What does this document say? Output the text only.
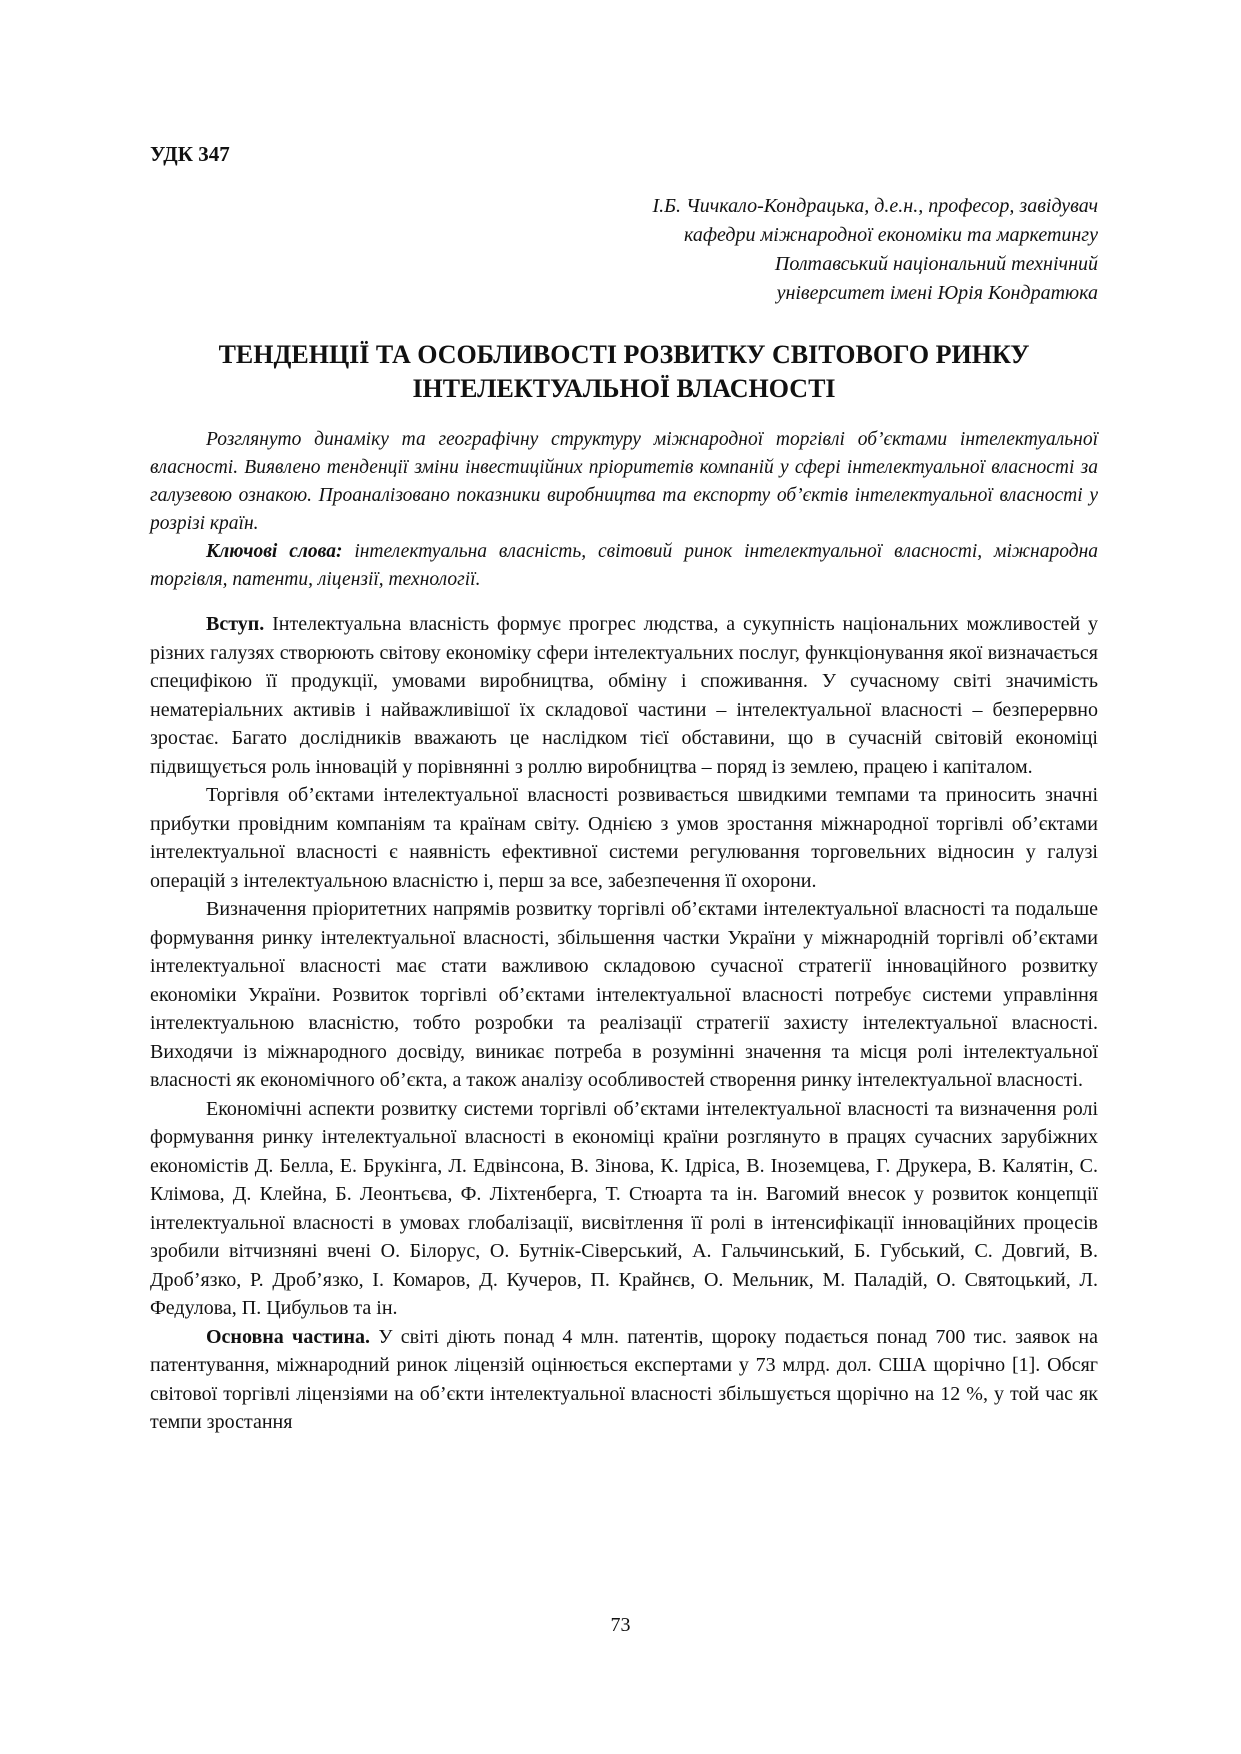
УДК 347
І.Б. Чичкало-Кондрацька, д.е.н., професор, завідувач
кафедри міжнародної економіки та маркетингу
Полтавський національний технічний
університет імені Юрія Кондратюка
ТЕНДЕНЦІЇ ТА ОСОБЛИВОСТІ РОЗВИТКУ СВІТОВОГО РИНКУ
ІНТЕЛЕКТУАЛЬНОЇ ВЛАСНОСТІ

Розглянуто динаміку та географічну структуру міжнародної торгівлі об’єктами інтелектуальної власності. Виявлено тенденції зміни інвестиційних пріоритетів компаній у сфері інтелектуальної власності за галузевою ознакою. Проаналізовано показники виробництва та експорту об’єктів інтелектуальної власності у розрізі країн.

Ключові слова: інтелектуальна власність, світовий ринок інтелектуальної власності, міжнародна торгівля, патенти, ліцензії, технології.

Вступ. Інтелектуальна власність формує прогрес людства, а сукупність національних можливостей у різних галузях створюють світову економіку сфери інтелектуальних послуг, функціонування якої визначається специфікою її продукції, умовами виробництва, обміну і споживання. У сучасному світі значимість нематеріальних активів і найважливішої їх складової частини – інтелектуальної власності – безперервно зростає. Багато дослідників вважають це наслідком тієї обставини, що в сучасній світовій економіці підвищується роль інновацій у порівнянні з роллю виробництва – поряд із землею, працею і капіталом.

Торгівля об’єктами інтелектуальної власності розвивається швидкими темпами та приносить значні прибутки провідним компаніям та країнам світу. Однією з умов зростання міжнародної торгівлі об’єктами інтелектуальної власності є наявність ефективної системи регулювання торговельних відносин у галузі операцій з інтелектуальною власністю і, перш за все, забезпечення її охорони.

Визначення пріоритетних напрямів розвитку торгівлі об’єктами інтелектуальної власності та подальше формування ринку інтелектуальної власності, збільшення частки України у міжнародній торгівлі об’єктами інтелектуальної власності має стати важливою складовою сучасної стратегії інноваційного розвитку економіки України. Розвиток торгівлі об’єктами інтелектуальної власності потребує системи управління інтелектуальною власністю, тобто розробки та реалізації стратегії захисту інтелектуальної власності. Виходячи із міжнародного досвіду, виникає потреба в розумінні значення та місця ролі інтелектуальної власності як економічного об’єкта, а також аналізу особливостей створення ринку інтелектуальної власності.

Економічні аспекти розвитку системи торгівлі об’єктами інтелектуальної власності та визначення ролі формування ринку інтелектуальної власності в економіці країни розглянуто в працях сучасних зарубіжних економістів Д. Белла, Е. Брукінга, Л. Едвінсона, В. Зінова, К. Ідріса, В. Іноземцева, Г. Друкера, В. Калятін, С. Клімова, Д. Клейна, Б. Леонтьєва, Ф. Ліхтенберга, Т. Стюарта та ін. Вагомий внесок у розвиток концепції інтелектуальної власності в умовах глобалізації, висвітлення її ролі в інтенсифікації інноваційних процесів зробили вітчизняні вчені О. Білорус, О. Бутнік-Сіверський, А. Гальчинський, Б. Губський, С. Довгий, В. Дроб’язко, Р. Дроб’язко, І. Комаров, Д. Кучеров, П. Крайнєв, О. Мельник, М. Паладій, О. Святоцький, Л. Федулова, П. Цибульов та ін.

Основна частина. У світі діють понад 4 млн. патентів, щороку подається понад 700 тис. заявок на патентування, міжнародний ринок ліцензій оцінюється експертами у 73 млрд. дол. США щорічно [1]. Обсяг світової торгівлі ліцензіями на об’єкти інтелектуальної власності збільшується щорічно на 12 %, у той час як темпи зростання

73
